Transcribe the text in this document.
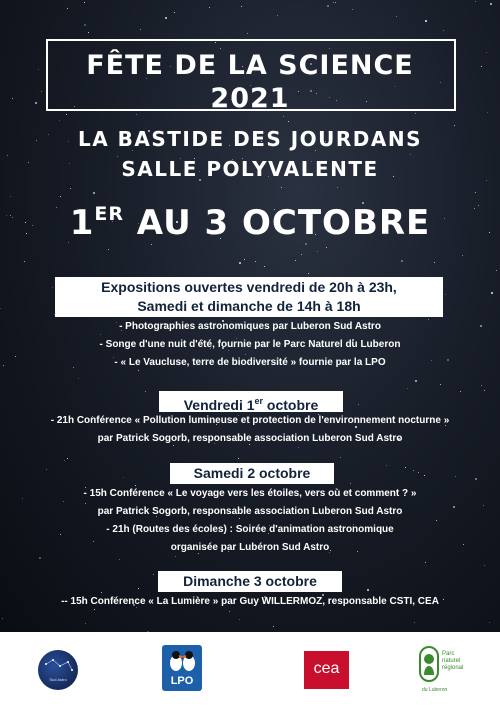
FÊTE DE LA SCIENCE
2021
LA BASTIDE DES JOURDANS
SALLE POLYVALENTE
1ER AU 3 OCTOBRE
Expositions ouvertes vendredi de 20h à 23h,
Samedi et dimanche de 14h à 18h
- Photographies astronomiques par Luberon Sud Astro
- Songe d'une nuit d'été, fournie par le Parc Naturel du Luberon
- « Le Vaucluse, terre de biodiversité » fournie par la LPO
Vendredi 1er octobre
- 21h Conférence « Pollution lumineuse et protection de l'environnement nocturne »
par Patrick Sogorb, responsable association Luberon Sud Astro
Samedi 2 octobre
- 15h Conférence « Le voyage vers les étoiles, vers où et comment ? »
par Patrick Sogorb, responsable association Luberon Sud Astro
- 21h (Routes des écoles) : Soirée d'animation astronomique
organisée par Lubéron Sud Astro
Dimanche 3 octobre
-- 15h Conférence « La Lumière » par Guy WILLERMOZ, responsable CSTI, CEA
Sud Astro	LPO
cea
Parc
naturel
régional
du Luberon
